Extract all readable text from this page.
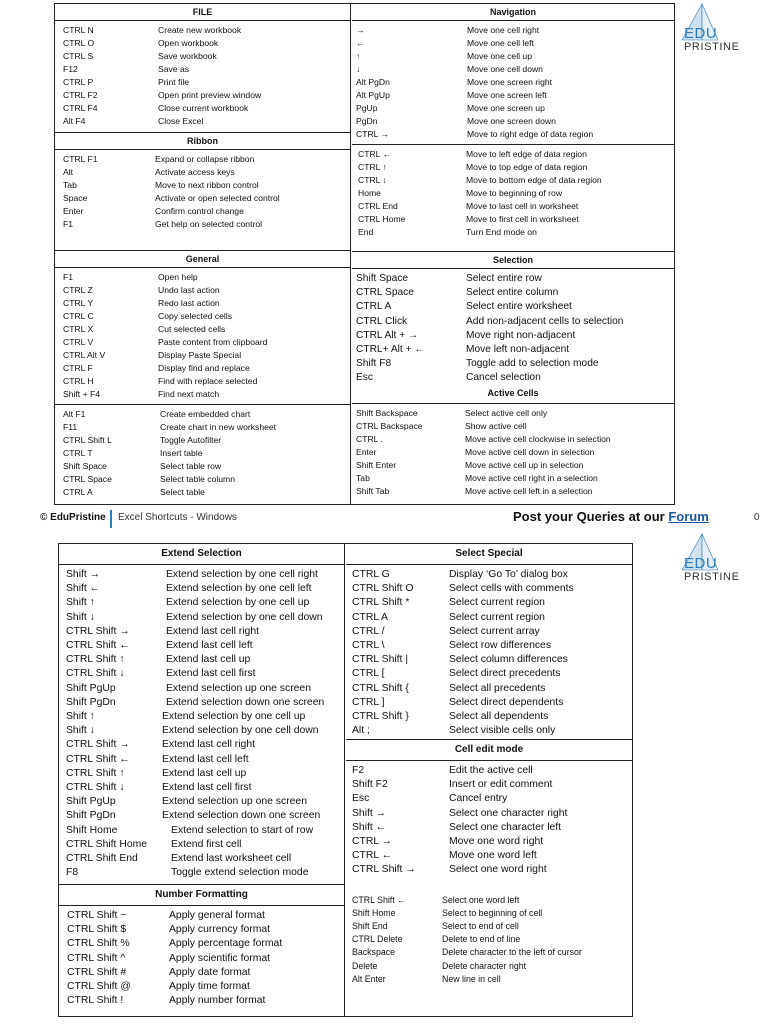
FILE
CTRL N	Create new workbook
CTRL O	Open workbook
CTRL S	Save workbook
F12	Save as
CTRL P	Print file
CTRL F2	Open print preview window
CTRL F4	Close current workbook
Alt F4	Close Excel
Ribbon
CTRL F1	Expand or collapse ribbon
Alt	Activate access keys
Tab	Move to next ribbon control
Space	Activate or open selected control
Enter	Confirm control change
F1	Get help on selected control
General
F1	Open help
CTRL Z	Undo last action
CTRL Y	Redo last action
CTRL C	Copy selected cells
CTRL X	Cut selected cells
CTRL V	Paste content from clipboard
CTRL Alt V	Display Paste Special
CTRL F	Display find and replace
CTRL H	Find with replace selected
Shift + F4	Find next match
Alt F1	Create embedded chart
F11	Create chart in new worksheet
CTRL Shift L	Toggle Autofilter
CTRL T	Insert table
Shift Space	Select table row
CTRL Space	Select table column
CTRL A	Select table
Navigation
→	Move one cell right
←	Move one cell left
↑	Move one cell up
↓	Move one cell down
Alt PgDn	Move one screen right
Alt PgUp	Move one screen left
PgUp	Move one screen up
PgDn	Move one screen down
CTRL →	Move to right edge of data region
CTRL ←	Move to left edge of data region
CTRL ↑	Move to top edge of data region
CTRL ↓	Move to bottom edge of data region
Home	Move to beginning of row
CTRL End	Move to last cell in worksheet
CTRL Home	Move to first cell in worksheet
End	Turn End mode on
Selection
Shift Space	Select entire row
CTRL Space	Select entire column
CTRL A	Select entire worksheet
CTRL Click	Add non-adjacent cells to selection
CTRL Alt + →	Move right non-adjacent
CTRL+ Alt + ←	Move left non-adjacent
Shift F8	Toggle add to selection mode
Esc	Cancel selection
Active Cells
Shift Backspace	Select active cell only
CTRL Backspace	Show active cell
CTRL .	Move active cell clockwise in selection
Enter	Move active cell down in selection
Shift Enter	Move active cell up in selection
Tab	Move active cell right in a selection
Shift Tab	Move active cell left in a selection
EDU
PRISTINE
© EduPristine Excel Shortcuts - Windows	Post your Queries at our Forum	0
Extend Selection
Shift →	Extend selection by one cell right
Shift ←	Extend selection by one cell left
Shift ↑	Extend selection by one cell up
Shift ↓	Extend selection by one cell down
CTRL Shift →	Extend last cell right
CTRL Shift ←	Extend last cell left
CTRL Shift ↑	Extend last cell up
CTRL Shift ↓	Extend last cell first
Shift PgUp	Extend selection up one screen
Shift PgDn	Extend selection down one screen
Shift ↑	Extend selection by one cell up
Shift ↓	Extend selection by one cell down
CTRL Shift →	Extend last cell right
CTRL Shift ←	Extend last cell left
CTRL Shift ↑	Extend last cell up
CTRL Shift ↓	Extend last cell first
Shift PgUp	Extend selection up one screen
Shift PgDn	Extend selection down one screen
Shift Home	Extend selection to start of row
CTRL Shift Home	Extend first cell
CTRL Shift End	Extend last worksheet cell
F8	Toggle extend selection mode
Number Formatting
CTRL Shift ~	Apply general format
CTRL Shift $	Apply currency format
CTRL Shift %	Apply percentage format
CTRL Shift ^	Apply scientific format
CTRL Shift #	Apply date format
CTRL Shift @	Apply time format
CTRL Shift !	Apply number format
Select Special
CTRL G	Display ‘Go To’ dialog box
CTRL Shift O	Select cells with comments
CTRL Shift *	Select current region
CTRL A	Select current region
CTRL /	Select current array
CTRL \	Select row differences
CTRL Shift |	Select column differences
CTRL [	Select direct precedents
CTRL Shift {	Select all precedents
CTRL ]	Select direct dependents
CTRL Shift }	Select all dependents
Alt ;	Select visible cells only
Cell edit mode
F2	Edit the active cell
Shift F2	Insert or edit comment
Esc	Cancel entry
Shift →	Select one character right
Shift ←	Select one character left
CTRL →	Move one word right
CTRL ←	Move one word left
CTRL Shift →	Select one word right
CTRL Shift ←	Select one word left
Shift Home	Select to beginning of cell
Shift End	Select to end of cell
CTRL Delete	Delete to end of line
Backspace	Delete character to the left of cursor
Delete	Delete character right
Alt Enter	New line in cell
EDU
PRISTINE
